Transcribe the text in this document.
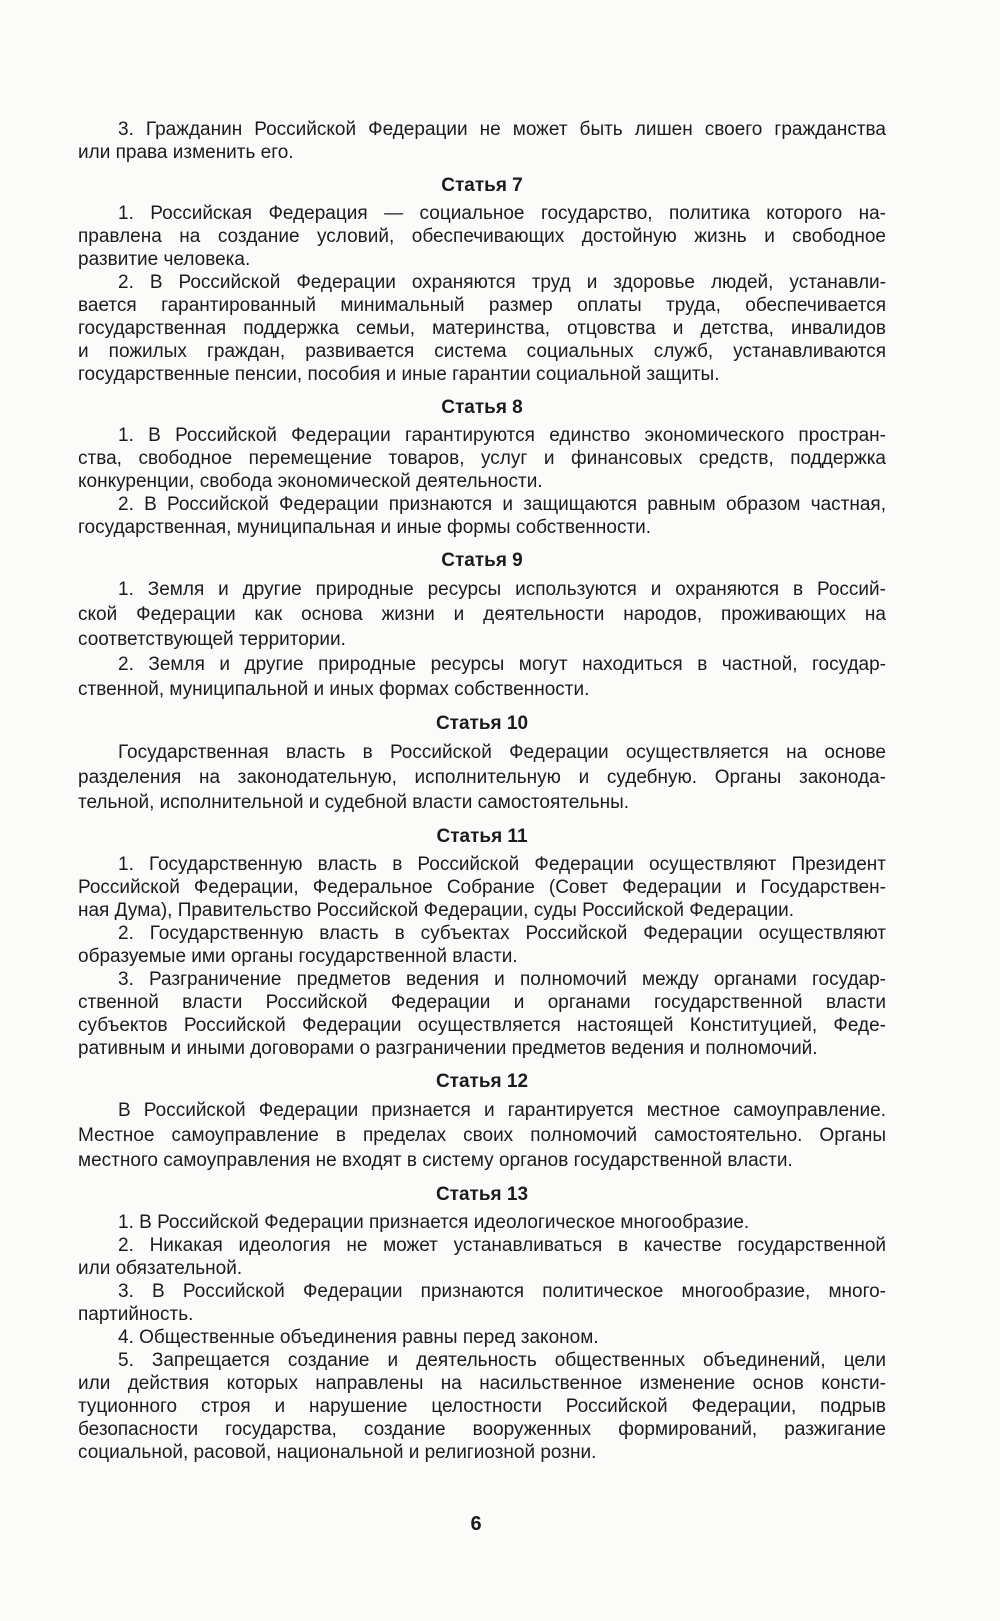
3. Гражданин Российской Федерации не может быть лишен своего гражданства
или права изменить его.
Статья 7
1. Российская Федерация — социальное государство, политика которого на-
правлена на создание условий, обеспечивающих достойную жизнь и свободное
развитие человека.
2. В Российской Федерации охраняются труд и здоровье людей, устанавли-
вается гарантированный минимальный размер оплаты труда, обеспечивается
государственная поддержка семьи, материнства, отцовства и детства, инвалидов
и пожилых граждан, развивается система социальных служб, устанавливаются
государственные пенсии, пособия и иные гарантии социальной защиты.
Статья 8
1. В Российской Федерации гарантируются единство экономического простран-
ства, свободное перемещение товаров, услуг и финансовых средств, поддержка
конкуренции, свобода экономической деятельности.
2. В Российской Федерации признаются и защищаются равным образом частная,
государственная, муниципальная и иные формы собственности.
Статья 9
1. Земля и другие природные ресурсы используются и охраняются в Россий-
ской Федерации как основа жизни и деятельности народов, проживающих на
соответствующей территории.
2. Земля и другие природные ресурсы могут находиться в частной, государ-
ственной, муниципальной и иных формах собственности.
Статья 10
Государственная власть в Российской Федерации осуществляется на основе
разделения на законодательную, исполнительную и судебную. Органы законода-
тельной, исполнительной и судебной власти самостоятельны.
Статья 11
1. Государственную власть в Российской Федерации осуществляют Президент
Российской Федерации, Федеральное Собрание (Совет Федерации и Государствен-
ная Дума), Правительство Российской Федерации, суды Российской Федерации.
2. Государственную власть в субъектах Российской Федерации осуществляют
образуемые ими органы государственной власти.
3. Разграничение предметов ведения и полномочий между органами государ-
ственной власти Российской Федерации и органами государственной власти
субъектов Российской Федерации осуществляется настоящей Конституцией, Феде-
ративным и иными договорами о разграничении предметов ведения и полномочий.
Статья 12
В Российской Федерации признается и гарантируется местное самоуправление.
Местное самоуправление в пределах своих полномочий самостоятельно. Органы
местного самоуправления не входят в систему органов государственной власти.
Статья 13
1. В Российской Федерации признается идеологическое многообразие.
2. Никакая идеология не может устанавливаться в качестве государственной
или обязательной.
3. В Российской Федерации признаются политическое многообразие, много-
партийность.
4. Общественные объединения равны перед законом.
5. Запрещается создание и деятельность общественных объединений, цели
или действия которых направлены на насильственное изменение основ консти-
туционного строя и нарушение целостности Российской Федерации, подрыв
безопасности государства, создание вооруженных формирований, разжигание
социальной, расовой, национальной и религиозной розни.
6
